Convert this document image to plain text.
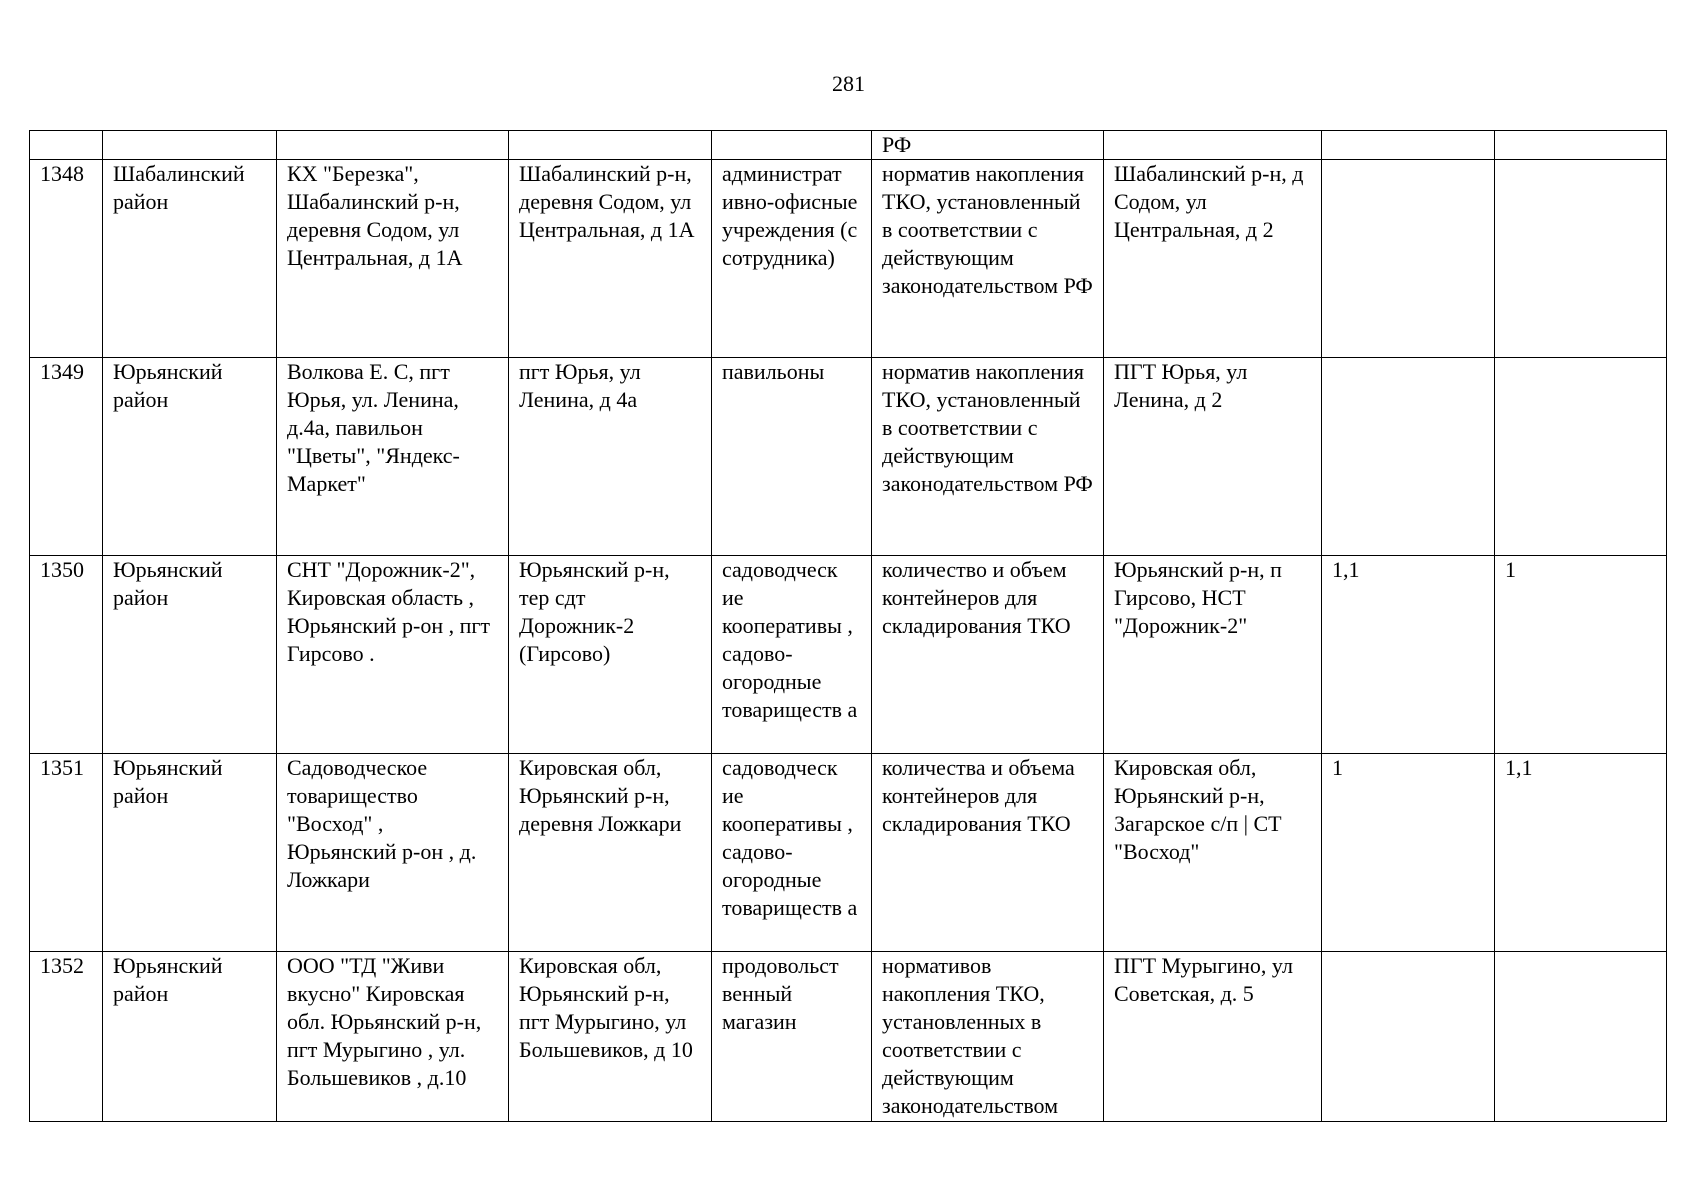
281
					РФ			
1348	Шабалинский район	КХ "Березка", Шабалинский р-н, деревня Содом, ул Центральная, д 1А	Шабалинский р-н, деревня Содом, ул Центральная, д 1А	администрат ивно-офисные учреждения (с сотрудника)	норматив накопления ТКО, установленный в соответствии с действующим законодательством РФ	Шабалинский р-н, д Содом, ул Центральная, д 2		
1349	Юрьянский район	Волкова Е. С, пгт Юрья, ул. Ленина, д.4а, павильон "Цветы", "Яндекс-Маркет"	пгт Юрья, ул Ленина, д 4а	павильоны	норматив накопления ТКО, установленный в соответствии с действующим законодательством РФ	ПГТ Юрья, ул Ленина, д 2		
1350	Юрьянский район	СНТ "Дорожник-2", Кировская область , Юрьянский р-он , пгт Гирсово .	Юрьянский р-н, тер сдт Дорожник-2 (Гирсово)	садоводческ ие кооперативы , садово-огородные товариществ а	количество и объем контейнеров для складирования ТКО	Юрьянский р-н, п Гирсово, НСТ "Дорожник-2"	1,1	1
1351	Юрьянский район	Садоводческое товарищество "Восход" , Юрьянский р-он , д. Ложкари	Кировская обл, Юрьянский р-н, деревня Ложкари	садоводческ ие кооперативы , садово-огородные товариществ а	количества и объема контейнеров для складирования ТКО	Кировская обл, Юрьянский р-н, Загарское с/п | СТ "Восход"	1	1,1
1352	Юрьянский район	ООО "ТД "Живи вкусно" Кировская обл. Юрьянский р-н, пгт Мурыгино , ул. Большевиков , д.10	Кировская обл, Юрьянский р-н, пгт Мурыгино, ул Большевиков, д 10	продовольст венный магазин	нормативов накопления ТКО, установленных в соответствии с действующим законодательством	ПГТ Мурыгино, ул Советская, д. 5		
